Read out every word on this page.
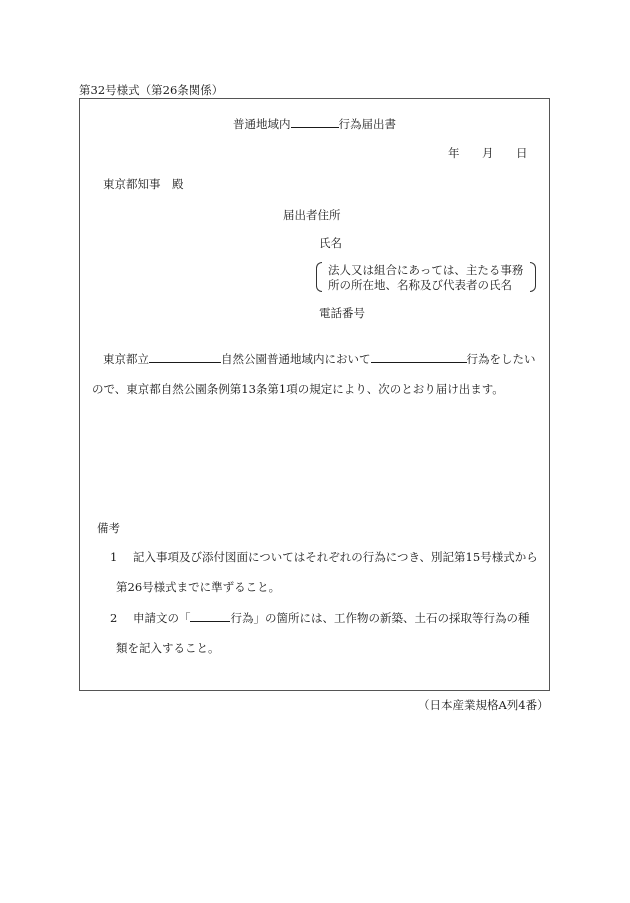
第32号様式（第26条関係）
普通地域内	行為届出書
年 月 日
東京都知事　殿
届出者住所
氏名
法人又は組合にあっては、主たる事務
所の所在地、名称及び代表者の氏名
電話番号
東京都立	自然公園普通地域内において	行為をしたい
ので、東京都自然公園条例第13条第1項の規定により、次のとおり届け出ます。
備考
1 記入事項及び添付図面についてはそれぞれの行為につき、別記第15号様式から
第26号様式までに準ずること。
2 申請文の「	行為」の箇所には、工作物の新築、土石の採取等行為の種
類を記入すること。
（日本産業規格A列4番）
